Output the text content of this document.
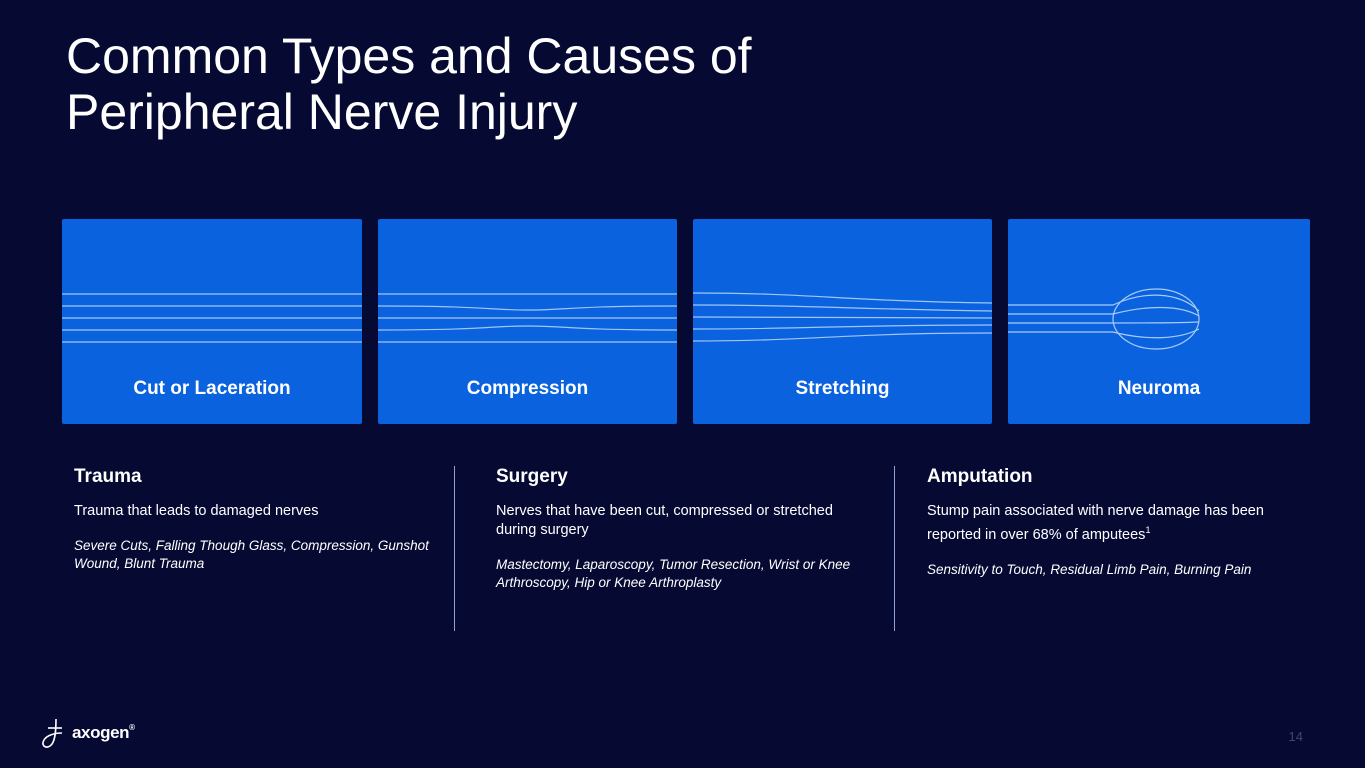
Common Types and Causes of Peripheral Nerve Injury
Cut or Laceration	Compression	Stretching	Neuroma
Trauma
Trauma that leads to damaged nerves
Severe Cuts, Falling Though Glass, Compression, Gunshot Wound, Blunt Trauma
Surgery
Nerves that have been cut, compressed or stretched during surgery
Mastectomy, Laparoscopy, Tumor Resection, Wrist or Knee Arthroscopy, Hip or Knee Arthroplasty
Amputation
Stump pain associated with nerve damage has been reported in over 68% of amputees$^1$
Sensitivity to Touch, Residual Limb Pain, Burning Pain
axogen®
14
